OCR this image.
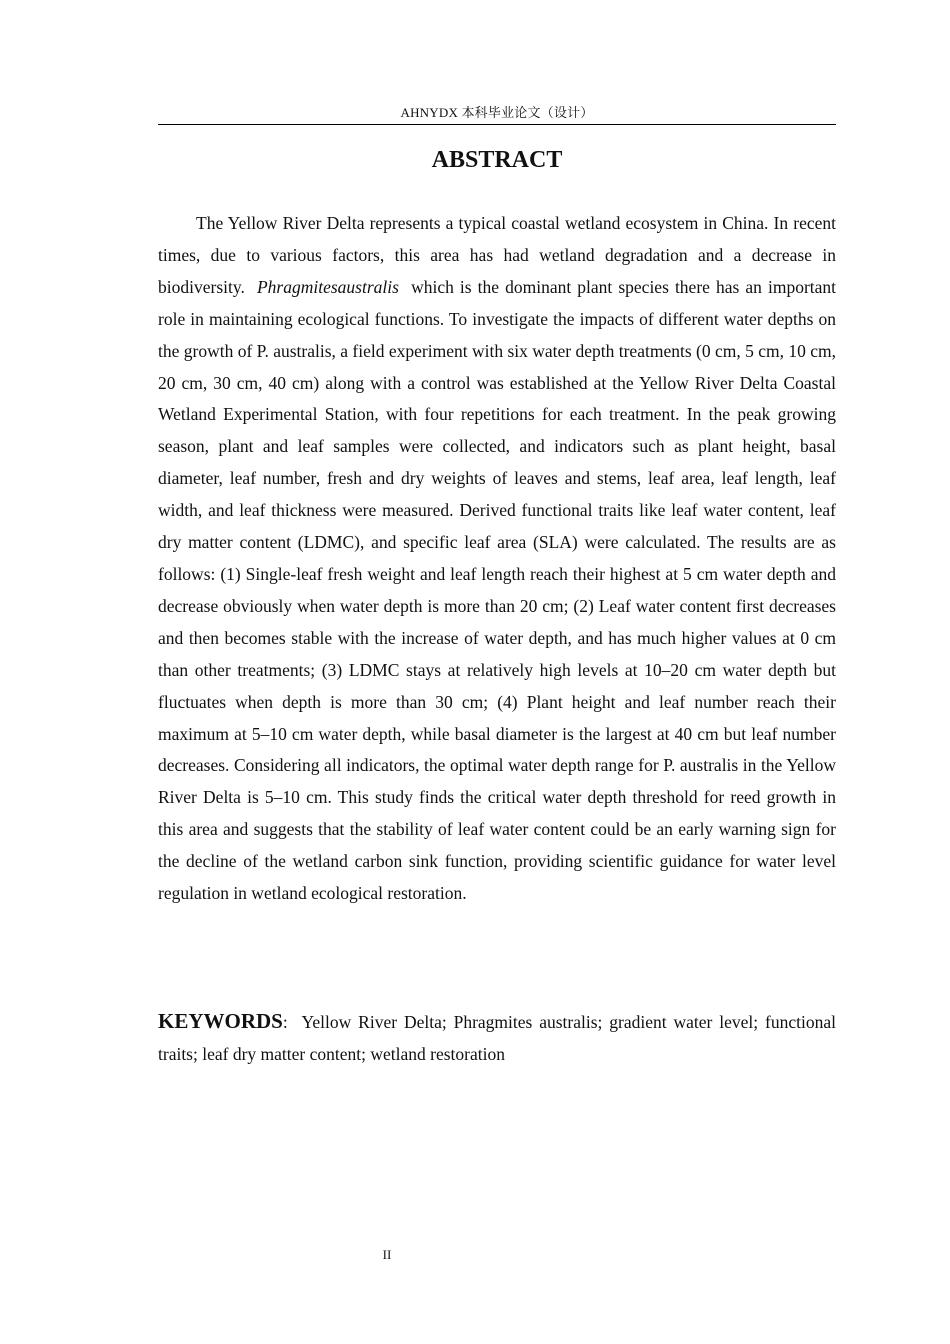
AHNYDX 本科毕业论文（设计）
ABSTRACT

The Yellow River Delta represents a typical coastal wetland ecosystem in China. In recent times, due to various factors, this area has had wetland degradation and a decrease in biodiversity. Phragmitesaustralis which is the dominant plant species there has an important role in maintaining ecological functions. To investigate the impacts of different water depths on the growth of P. australis, a field experiment with six water depth treatments (0 cm, 5 cm, 10 cm, 20 cm, 30 cm, 40 cm) along with a control was established at the Yellow River Delta Coastal Wetland Experimental Station, with four repetitions for each treatment. In the peak growing season, plant and leaf samples were collected, and indicators such as plant height, basal diameter, leaf number, fresh and dry weights of leaves and stems, leaf area, leaf length, leaf width, and leaf thickness were measured. Derived functional traits like leaf water content, leaf dry matter content (LDMC), and specific leaf area (SLA) were calculated. The results are as follows: (1) Single-leaf fresh weight and leaf length reach their highest at 5 cm water depth and decrease obviously when water depth is more than 20 cm; (2) Leaf water content first decreases and then becomes stable with the increase of water depth, and has much higher values at 0 cm than other treatments; (3) LDMC stays at relatively high levels at 10–20 cm water depth but fluctuates when depth is more than 30 cm; (4) Plant height and leaf number reach their maximum at 5–10 cm water depth, while basal diameter is the largest at 40 cm but leaf number decreases. Considering all indicators, the optimal water depth range for P. australis in the Yellow River Delta is 5–10 cm. This study finds the critical water depth threshold for reed growth in this area and suggests that the stability of leaf water content could be an early warning sign for the decline of the wetland carbon sink function, providing scientific guidance for water level regulation in wetland ecological restoration.

KEYWORDS: Yellow River Delta; Phragmites australis; gradient water level; functional traits; leaf dry matter content; wetland restoration

II
